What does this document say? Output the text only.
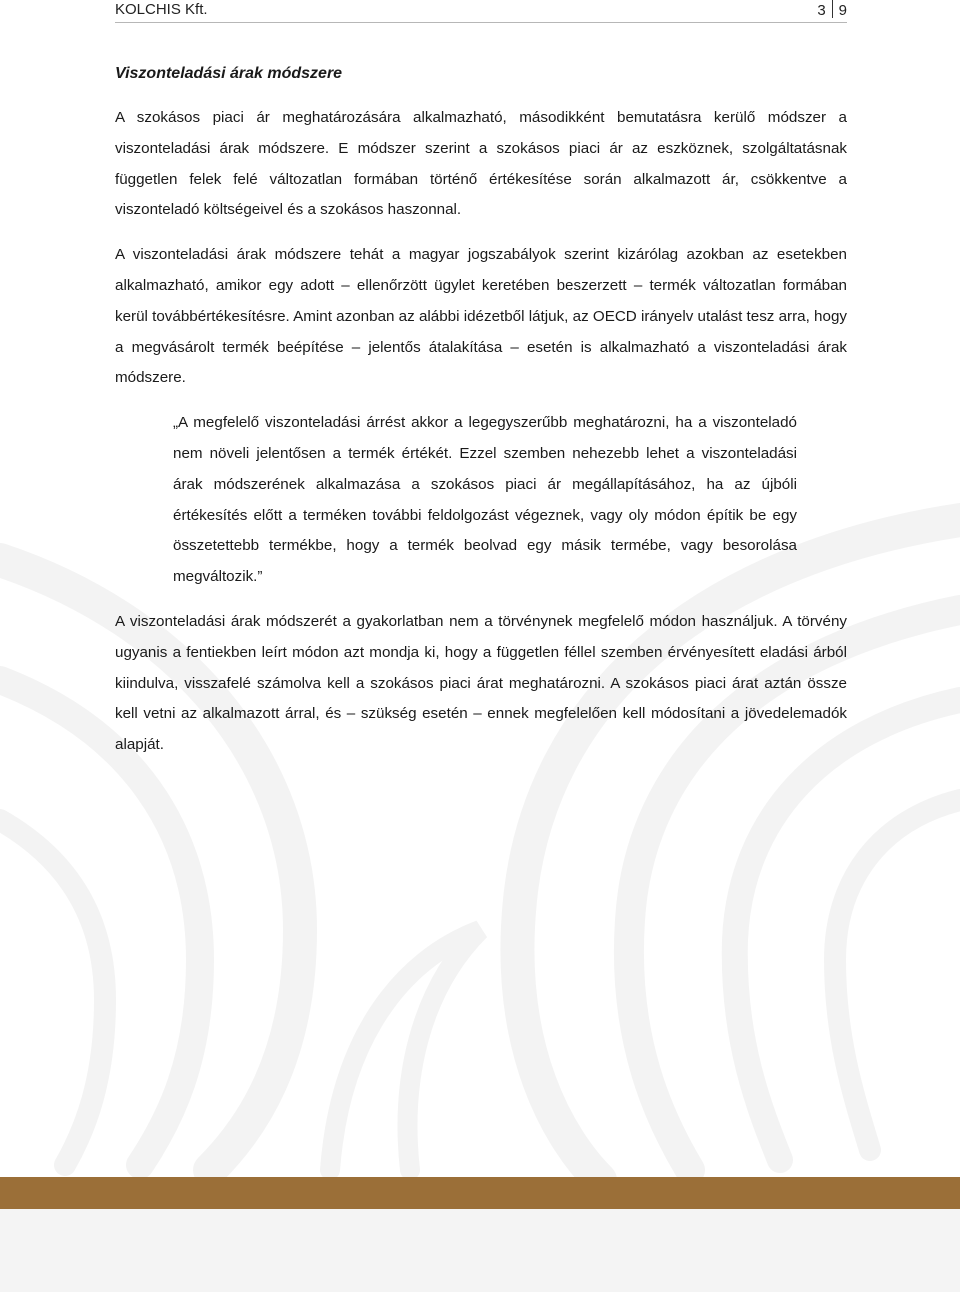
KOLCHIS Kft.	3 9
Viszonteladási árak módszere

A szokásos piaci ár meghatározására alkalmazható, másodikként bemutatásra kerülő módszer a viszonteladási árak módszere. E módszer szerint a szokásos piaci ár az eszköznek, szolgáltatásnak független felek felé változatlan formában történő értékesítése során alkalmazott ár, csökkentve a viszonteladó költségeivel és a szokásos haszonnal.

A viszonteladási árak módszere tehát a magyar jogszabályok szerint kizárólag azokban az esetekben alkalmazható, amikor egy adott – ellenőrzött ügylet keretében beszerzett – termék változatlan formában kerül továbbértékesítésre. Amint azonban az alábbi idézetből látjuk, az OECD irányelv utalást tesz arra, hogy a megvásárolt termék beépítése – jelentős átalakítása – esetén is alkalmazható a viszonteladási árak módszere.

„A megfelelő viszonteladási árrést akkor a legegyszerűbb meghatározni, ha a viszonteladó nem növeli jelentősen a termék értékét. Ezzel szemben nehezebb lehet a viszonteladási árak módszerének alkalmazása a szokásos piaci ár megállapításához, ha az újbóli értékesítés előtt a terméken további feldolgozást végeznek, vagy oly módon építik be egy összetettebb termékbe, hogy a termék beolvad egy másik termébe, vagy besorolása megváltozik.”

A viszonteladási árak módszerét a gyakorlatban nem a törvénynek megfelelő módon használjuk. A törvény ugyanis a fentiekben leírt módon azt mondja ki, hogy a független féllel szemben érvényesített eladási árból kiindulva, visszafelé számolva kell a szokásos piaci árat meghatározni. A szokásos piaci árat aztán össze kell vetni az alkalmazott árral, és – szükség esetén – ennek megfelelően kell módosítani a jövedelemadók alapját.
